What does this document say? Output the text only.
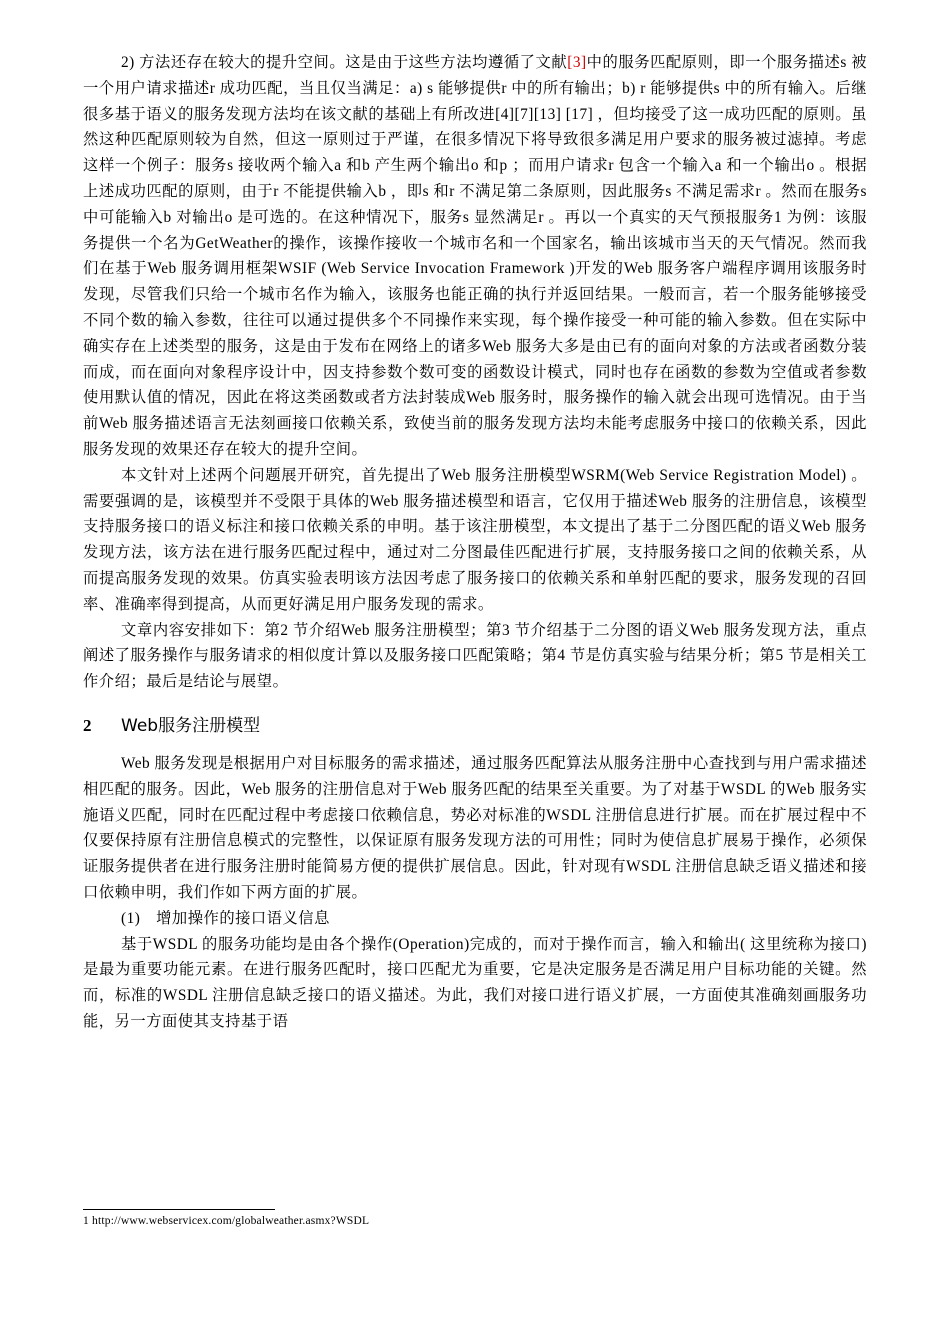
2) 方法还存在较大的提升空间。这是由于这些方法均遵循了文献[3]中的服务匹配原则，即一个服务描述s 被一个用户请求描述r 成功匹配，当且仅当满足：a) s 能够提供r 中的所有输出；b) r 能够提供s 中的所有输入。后继很多基于语义的服务发现方法均在该文献的基础上有所改进[4][7][13] [17] ，但均接受了这一成功匹配的原则。虽然这种匹配原则较为自然，但这一原则过于严谨，在很多情况下将导致很多满足用户要求的服务被过滤掉。考虑这样一个例子：服务s 接收两个输入a 和b 产生两个输出o 和p ；而用户请求r 包含一个输入a 和一个输出o 。根据上述成功匹配的原则，由于r 不能提供输入b ，即s 和r 不满足第二条原则，因此服务s 不满足需求r 。然而在服务s 中可能输入b 对输出o 是可选的。在这种情况下，服务s 显然满足r 。再以一个真实的天气预报服务1 为例：该服务提供一个名为GetWeather的操作，该操作接收一个城市名和一个国家名，输出该城市当天的天气情况。然而我们在基于Web 服务调用框架WSIF (Web Service Invocation Framework )开发的Web 服务客户端程序调用该服务时发现，尽管我们只给一个城市名作为输入，该服务也能正确的执行并返回结果。一般而言，若一个服务能够接受不同个数的输入参数，往往可以通过提供多个不同操作来实现，每个操作接受一种可能的输入参数。但在实际中确实存在上述类型的服务，这是由于发布在网络上的诸多Web 服务大多是由已有的面向对象的方法或者函数分装而成，而在面向对象程序设计中，因支持参数个数可变的函数设计模式，同时也存在函数的参数为空值或者参数使用默认值的情况，因此在将这类函数或者方法封装成Web 服务时，服务操作的输入就会出现可选情况。由于当前Web 服务描述语言无法刻画接口依赖关系，致使当前的服务发现方法均未能考虑服务中接口的依赖关系，因此服务发现的效果还存在较大的提升空间。

本文针对上述两个问题展开研究，首先提出了Web 服务注册模型WSRM(Web Service Registration Model) 。需要强调的是，该模型并不受限于具体的Web 服务描述模型和语言，它仅用于描述Web 服务的注册信息，该模型支持服务接口的语义标注和接口依赖关系的申明。基于该注册模型，本文提出了基于二分图匹配的语义Web 服务发现方法，该方法在进行服务匹配过程中，通过对二分图最佳匹配进行扩展，支持服务接口之间的依赖关系，从而提高服务发现的效果。仿真实验表明该方法因考虑了服务接口的依赖关系和单射匹配的要求，服务发现的召回率、准确率得到提高，从而更好满足用户服务发现的需求。

文章内容安排如下：第2 节介绍Web 服务注册模型；第3 节介绍基于二分图的语义Web 服务发现方法，重点阐述了服务操作与服务请求的相似度计算以及服务接口匹配策略；第4 节是仿真实验与结果分析；第5 节是相关工作介绍；最后是结论与展望。

2 Web服务注册模型

Web 服务发现是根据用户对目标服务的需求描述，通过服务匹配算法从服务注册中心查找到与用户需求描述相匹配的服务。因此，Web 服务的注册信息对于Web 服务匹配的结果至关重要。为了对基于WSDL 的Web 服务实施语义匹配，同时在匹配过程中考虑接口依赖信息，势必对标准的WSDL 注册信息进行扩展。而在扩展过程中不仅要保持原有注册信息模式的完整性，以保证原有服务发现方法的可用性；同时为使信息扩展易于操作，必须保证服务提供者在进行服务注册时能简易方便的提供扩展信息。因此，针对现有WSDL 注册信息缺乏语义描述和接口依赖申明，我们作如下两方面的扩展。

(1)　增加操作的接口语义信息

基于WSDL 的服务功能均是由各个操作(Operation)完成的，而对于操作而言，输入和输出( 这里统称为接口) 是最为重要功能元素。在进行服务匹配时，接口匹配尤为重要，它是决定服务是否满足用户目标功能的关键。然而，标准的WSDL 注册信息缺乏接口的语义描述。为此，我们对接口进行语义扩展，一方面使其准确刻画服务功能，另一方面使其支持基于语

1 http://www.webservicex.com/globalweather.asmx?WSDL
